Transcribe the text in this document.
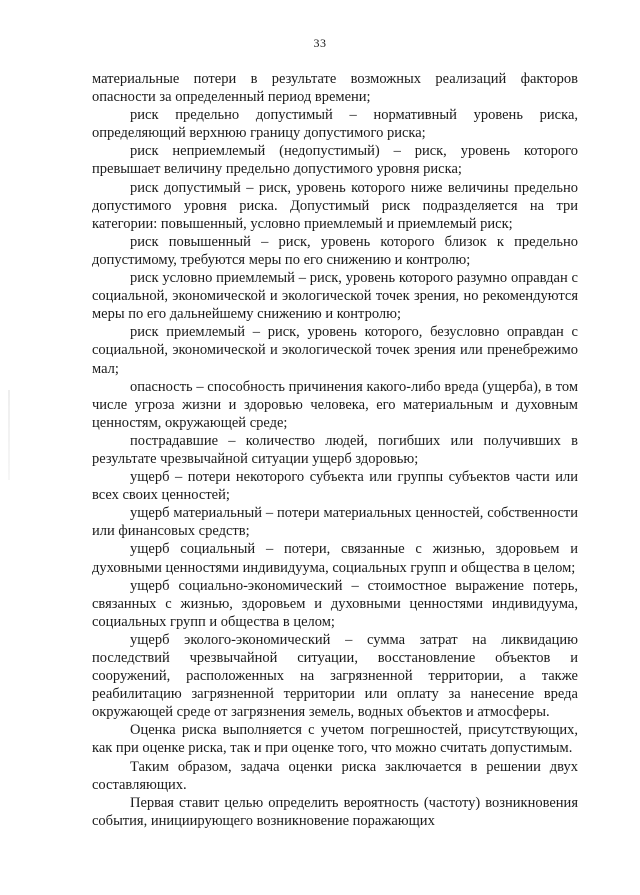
33

материальные потери в результате возможных реализаций факторов опасности за определенный период времени;

риск предельно допустимый – нормативный уровень риска, определяющий верхнюю границу допустимого риска;

риск неприемлемый (недопустимый) – риск, уровень которого превышает величину предельно допустимого уровня риска;

риск допустимый – риск, уровень которого ниже величины предельно допустимого уровня риска. Допустимый риск подразделяется на три категории: повышенный, условно приемлемый и приемлемый риск;

риск повышенный – риск, уровень которого близок к предельно допустимому, требуются меры по его снижению и контролю;

риск условно приемлемый – риск, уровень которого разумно оправдан с социальной, экономической и экологической точек зрения, но рекомендуются меры по его дальнейшему снижению и контролю;

риск приемлемый – риск, уровень которого, безусловно оправдан с социальной, экономической и экологической точек зрения или пренебрежимо мал;

опасность – способность причинения какого-либо вреда (ущерба), в том числе угроза жизни и здоровью человека, его материальным и духовным ценностям, окружающей среде;

пострадавшие – количество людей, погибших или получивших в результате чрезвычайной ситуации ущерб здоровью;

ущерб – потери некоторого субъекта или группы субъектов части или всех своих ценностей;

ущерб материальный – потери материальных ценностей, собственности или финансовых средств;

ущерб социальный – потери, связанные с жизнью, здоровьем и духовными ценностями индивидуума, социальных групп и общества в целом;

ущерб социально-экономический – стоимостное выражение потерь, связанных с жизнью, здоровьем и духовными ценностями индивидуума, социальных групп и общества в целом;

ущерб эколого-экономический – сумма затрат на ликвидацию последствий чрезвычайной ситуации, восстановление объектов и сооружений, расположенных на загрязненной территории, а также реабилитацию загрязненной территории или оплату за нанесение вреда окружающей среде от загрязнения земель, водных объектов и атмосферы.

Оценка риска выполняется с учетом погрешностей, присутствующих, как при оценке риска, так и при оценке того, что можно считать допустимым.

Таким образом, задача оценки риска заключается в решении двух составляющих.

Первая ставит целью определить вероятность (частоту) возникновения события, инициирующего возникновение поражающих
